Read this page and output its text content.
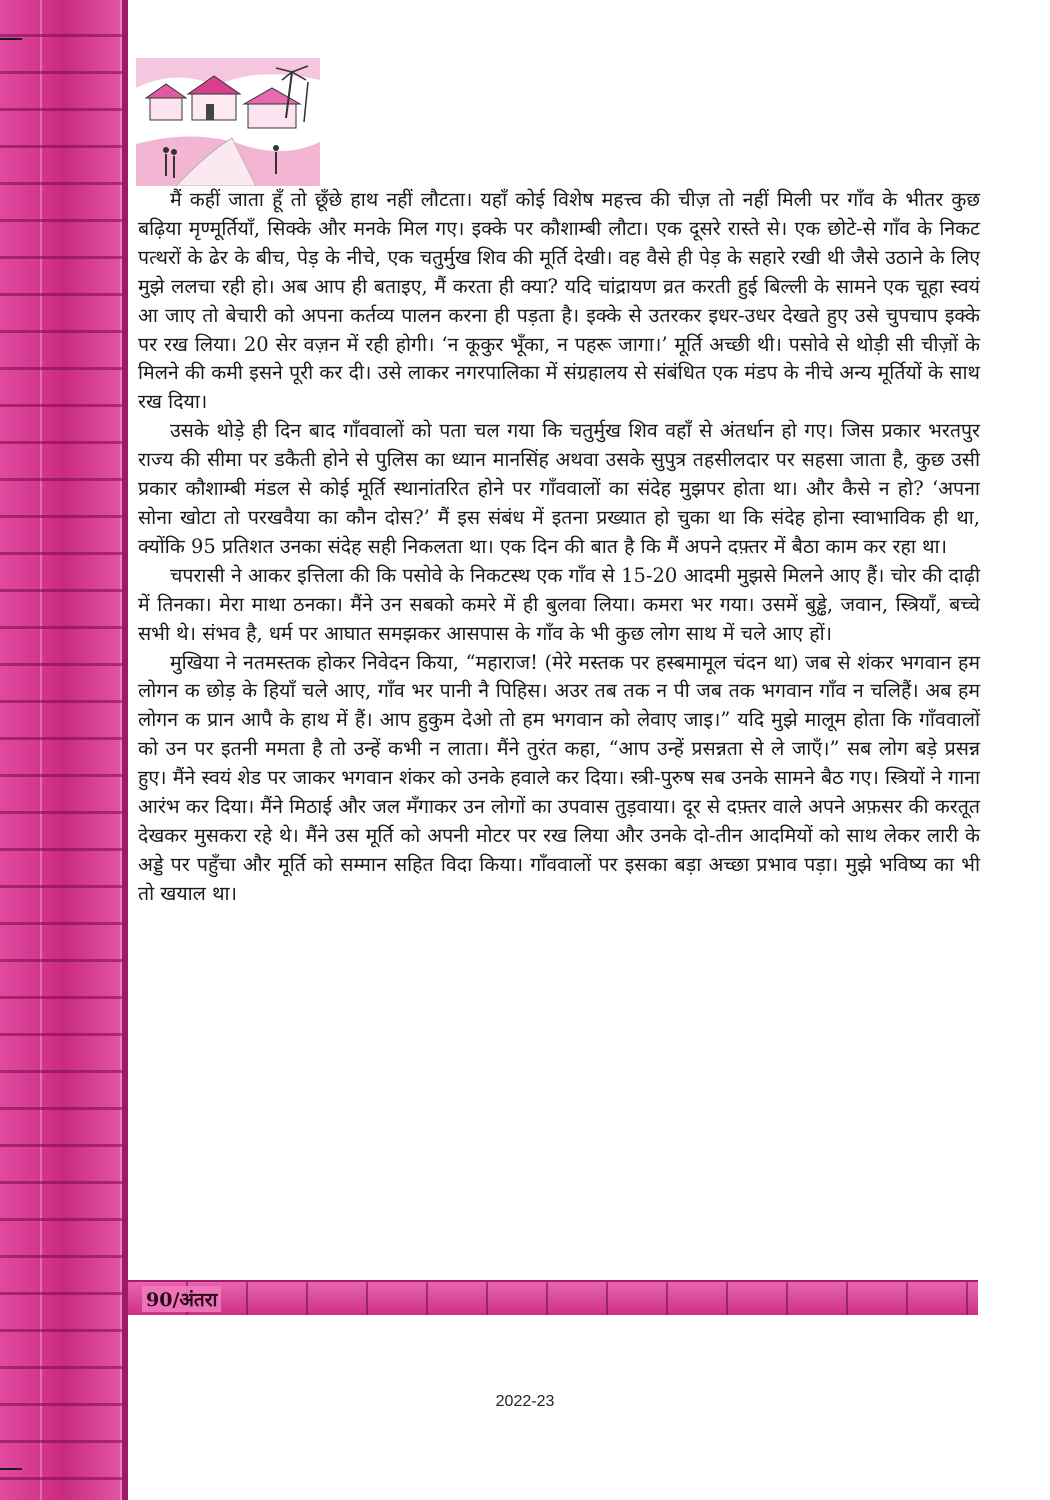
मैं कहीं जाता हूँ तो छूँछे हाथ नहीं लौटता। यहाँ कोई विशेष महत्त्व की चीज़ तो नहीं मिली पर गाँव के भीतर कुछ बढ़िया मृण्मूर्तियाँ, सिक्के और मनके मिल गए। इक्के पर कौशाम्बी लौटा। एक दूसरे रास्ते से। एक छोटे-से गाँव के निकट पत्थरों के ढेर के बीच, पेड़ के नीचे, एक चतुर्मुख शिव की मूर्ति देखी। वह वैसे ही पेड़ के सहारे रखी थी जैसे उठाने के लिए मुझे ललचा रही हो। अब आप ही बताइए, मैं करता ही क्या? यदि चांद्रायण व्रत करती हुई बिल्ली के सामने एक चूहा स्वयं आ जाए तो बेचारी को अपना कर्तव्य पालन करना ही पड़ता है। इक्के से उतरकर इधर-उधर देखते हुए उसे चुपचाप इक्के पर रख लिया। 20 सेर वज़न में रही होगी। ‘न कूकुर भूँका, न पहरू जागा।’ मूर्ति अच्छी थी। पसोवे से थोड़ी सी चीज़ों के मिलने की कमी इसने पूरी कर दी। उसे लाकर नगरपालिका में संग्रहालय से संबंधित एक मंडप के नीचे अन्य मूर्तियों के साथ रख दिया।

उसके थोड़े ही दिन बाद गाँववालों को पता चल गया कि चतुर्मुख शिव वहाँ से अंतर्धान हो गए। जिस प्रकार भरतपुर राज्य की सीमा पर डकैती होने से पुलिस का ध्यान मानसिंह अथवा उसके सुपुत्र तहसीलदार पर सहसा जाता है, कुछ उसी प्रकार कौशाम्बी मंडल से कोई मूर्ति स्थानांतरित होने पर गाँववालों का संदेह मुझपर होता था। और कैसे न हो? ‘अपना सोना खोटा तो परखवैया का कौन दोस?’ मैं इस संबंध में इतना प्रख्यात हो चुका था कि संदेह होना स्वाभाविक ही था, क्योंकि 95 प्रतिशत उनका संदेह सही निकलता था। एक दिन की बात है कि मैं अपने दफ़्तर में बैठा काम कर रहा था।

चपरासी ने आकर इत्तिला की कि पसोवे के निकटस्थ एक गाँव से 15-20 आदमी मुझसे मिलने आए हैं। चोर की दाढ़ी में तिनका। मेरा माथा ठनका। मैंने उन सबको कमरे में ही बुलवा लिया। कमरा भर गया। उसमें बुड्ढे, जवान, स्त्रियाँ, बच्चे सभी थे। संभव है, धर्म पर आघात समझकर आसपास के गाँव के भी कुछ लोग साथ में चले आए हों।

मुखिया ने नतमस्तक होकर निवेदन किया, “महाराज! (मेरे मस्तक पर हस्बमामूल चंदन था) जब से शंकर भगवान हम लोगन क छोड़ के हियाँ चले आए, गाँव भर पानी नै पिहिस। अउर तब तक न पी जब तक भगवान गाँव न चलिहैं। अब हम लोगन क प्रान आपै के हाथ में हैं। आप हुकुम देओ तो हम भगवान को लेवाए जाइ।” यदि मुझे मालूम होता कि गाँववालों को उन पर इतनी ममता है तो उन्हें कभी न लाता। मैंने तुरंत कहा, “आप उन्हें प्रसन्नता से ले जाएँ।” सब लोग बड़े प्रसन्न हुए। मैंने स्वयं शेड पर जाकर भगवान शंकर को उनके हवाले कर दिया। स्त्री-पुरुष सब उनके सामने बैठ गए। स्त्रियों ने गाना आरंभ कर दिया। मैंने मिठाई और जल मँगाकर उन लोगों का उपवास तुड़वाया। दूर से दफ़्तर वाले अपने अफ़सर की करतूत देखकर मुसकरा रहे थे। मैंने उस मूर्ति को अपनी मोटर पर रख लिया और उनके दो-तीन आदमियों को साथ लेकर लारी के अड्डे पर पहुँचा और मूर्ति को सम्मान सहित विदा किया। गाँववालों पर इसका बड़ा अच्छा प्रभाव पड़ा। मुझे भविष्य का भी तो खयाल था।

90/अंतरा
2022-23
